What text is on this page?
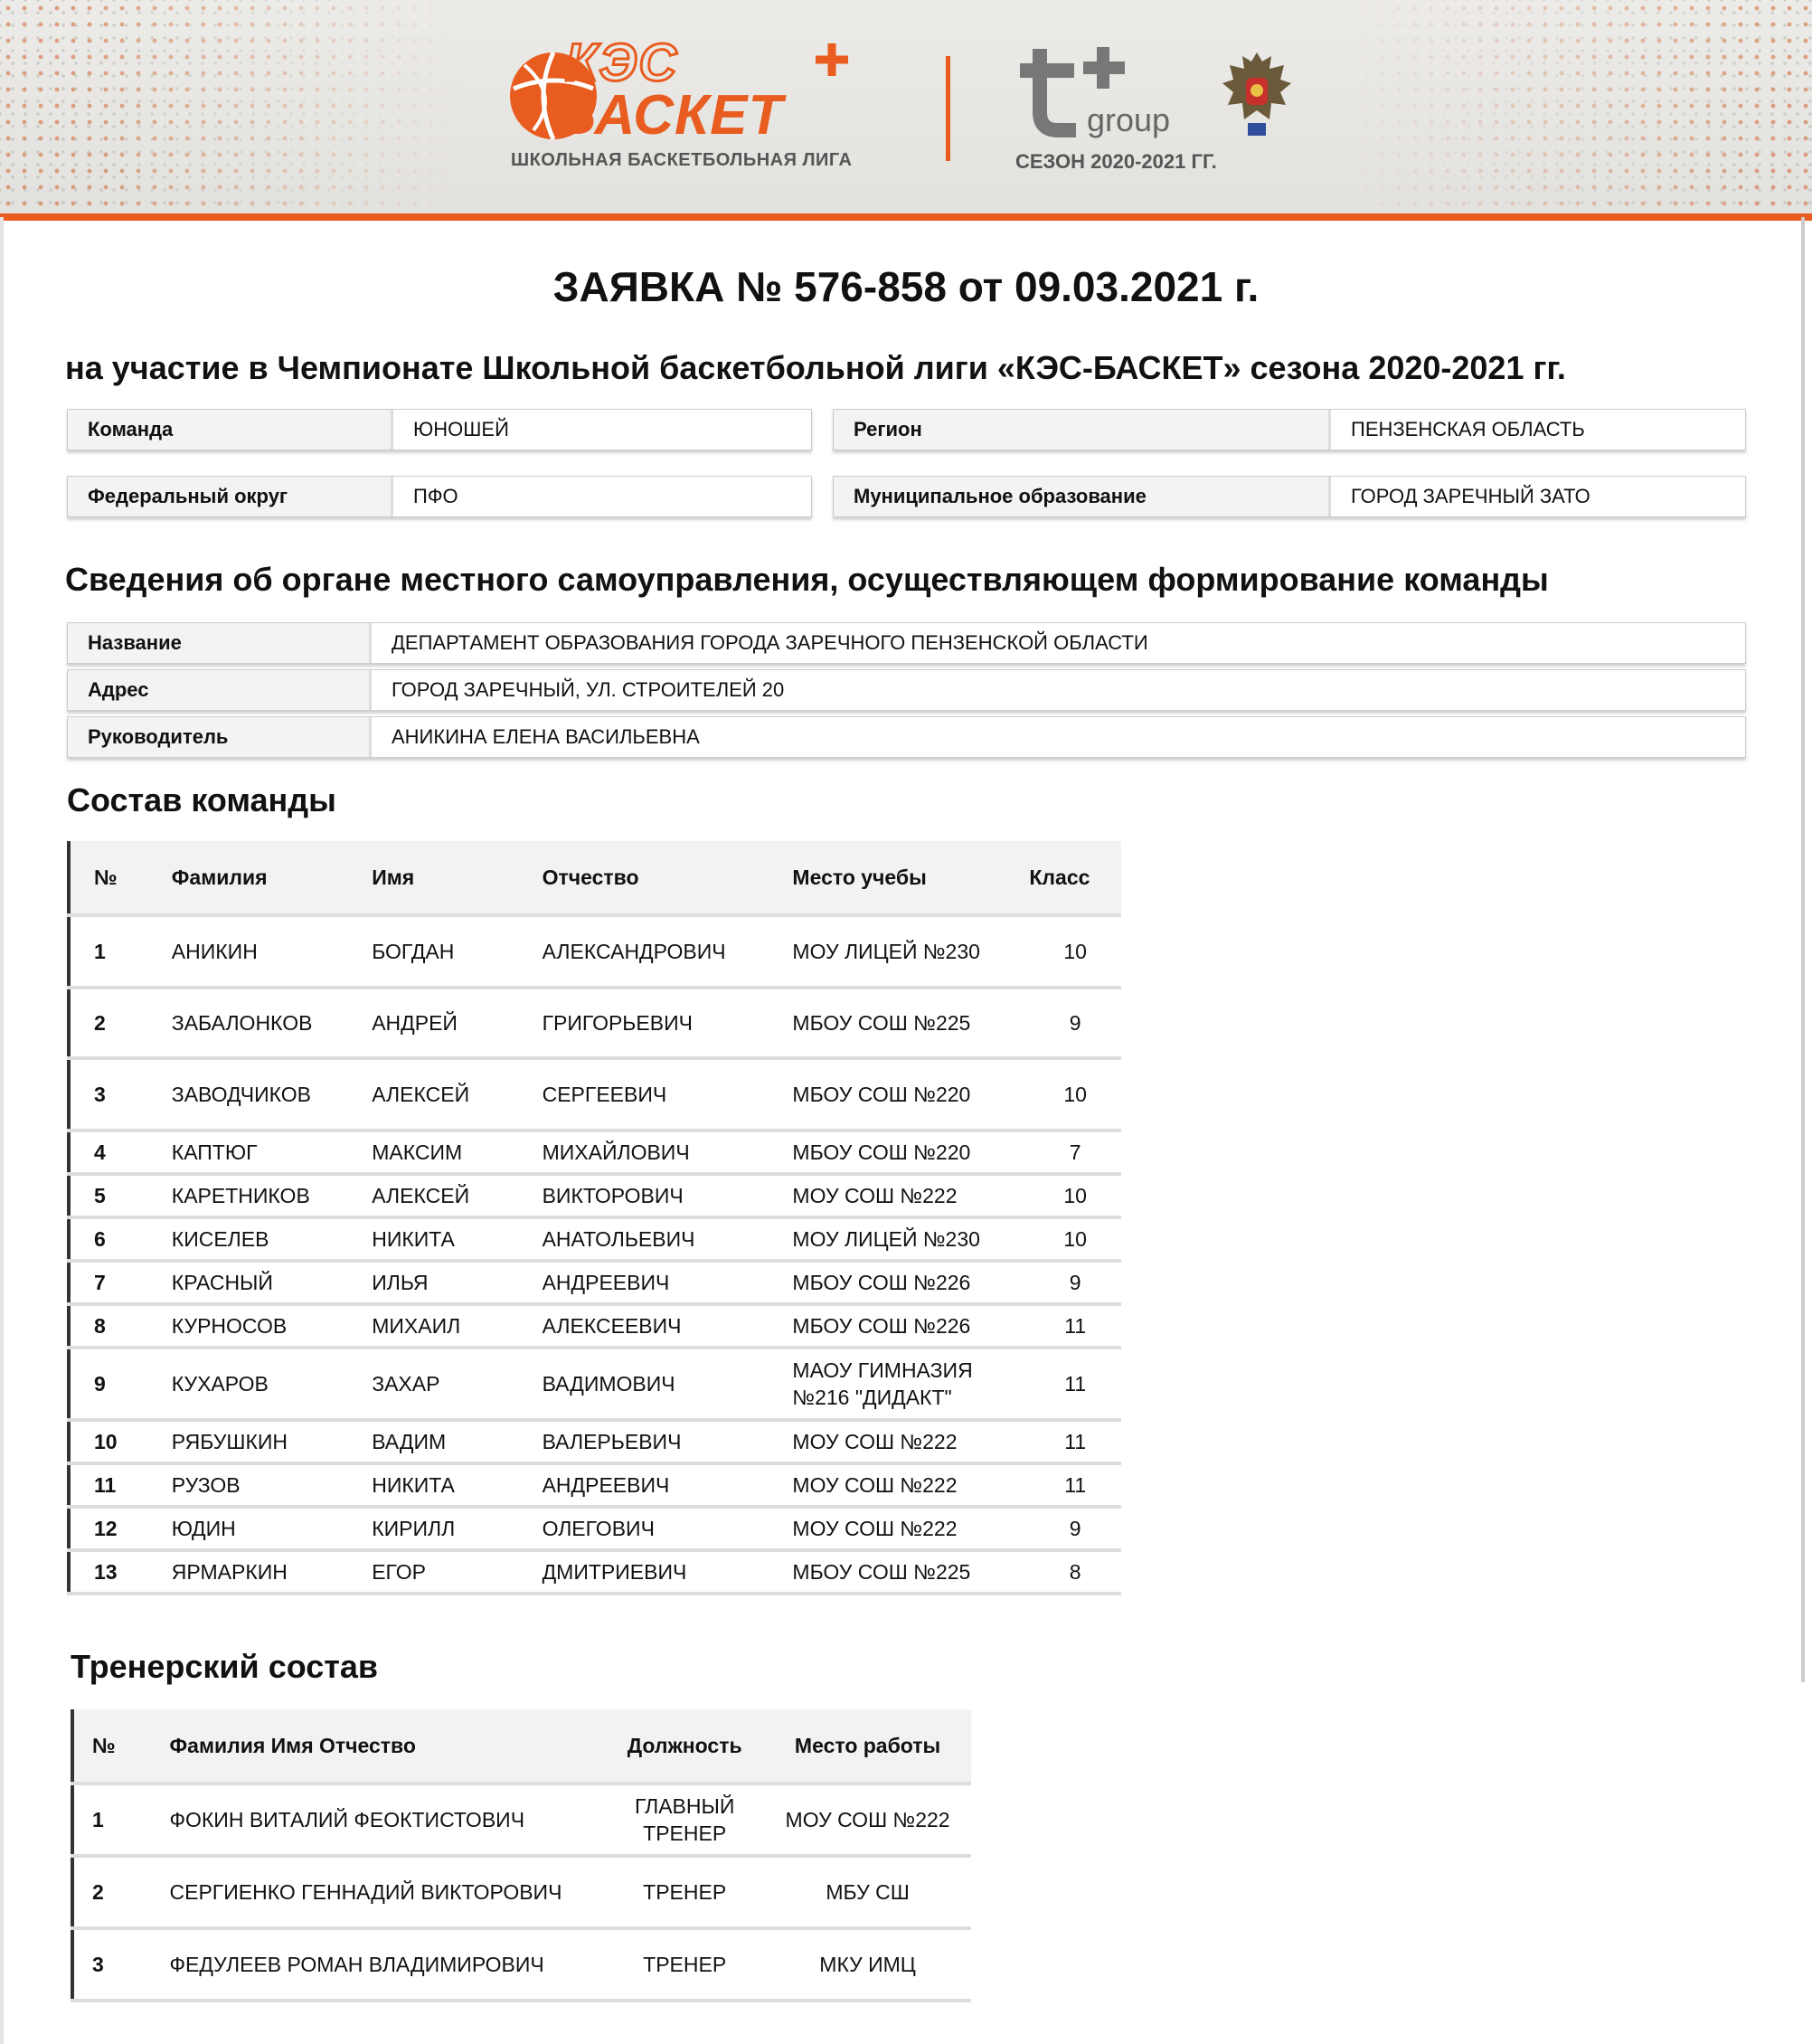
КЭС
БАСКЕТ
ШКОЛЬНАЯ БАСКЕТБОЛЬНАЯ ЛИГА
group
СЕЗОН 2020-2021 ГГ.
ЗАЯВКА № 576-858 от 09.03.2021 г.
на участие в Чемпионате Школьной баскетбольной лиги «КЭС-БАСКЕТ» сезона 2020-2021 гг.
Команда	ЮНОШЕЙ	Регион	ПЕНЗЕНСКАЯ ОБЛАСТЬ
Федеральный округ	ПФО	Муниципальное образование	ГОРОД ЗАРЕЧНЫЙ ЗАТО
Сведения об органе местного самоуправления, осуществляющем формирование команды
Название	ДЕПАРТАМЕНТ ОБРАЗОВАНИЯ ГОРОДА ЗАРЕЧНОГО ПЕНЗЕНСКОЙ ОБЛАСТИ
Адрес	ГОРОД ЗАРЕЧНЫЙ, УЛ. СТРОИТЕЛЕЙ 20
Руководитель	АНИКИНА ЕЛЕНА ВАСИЛЬЕВНА
Состав команды
№	Фамилия	Имя	Отчество	Место учебы	Класс
1	АНИКИН	БОГДАН	АЛЕКСАНДРОВИЧ	МОУ ЛИЦЕЙ №230	10
2	ЗАБАЛОНКОВ	АНДРЕЙ	ГРИГОРЬЕВИЧ	МБОУ СОШ №225	9
3	ЗАВОДЧИКОВ	АЛЕКСЕЙ	СЕРГЕЕВИЧ	МБОУ СОШ №220	10
4	КАПТЮГ	МАКСИМ	МИХАЙЛОВИЧ	МБОУ СОШ №220	7
5	КАРЕТНИКОВ	АЛЕКСЕЙ	ВИКТОРОВИЧ	МОУ СОШ №222	10
6	КИСЕЛЕВ	НИКИТА	АНАТОЛЬЕВИЧ	МОУ ЛИЦЕЙ №230	10
7	КРАСНЫЙ	ИЛЬЯ	АНДРЕЕВИЧ	МБОУ СОШ №226	9
8	КУРНОСОВ	МИХАИЛ	АЛЕКСЕЕВИЧ	МБОУ СОШ №226	11
9	КУХАРОВ	ЗАХАР	ВАДИМОВИЧ	МАОУ ГИМНАЗИЯ №216 "ДИДАКТ"	11
10	РЯБУШКИН	ВАДИМ	ВАЛЕРЬЕВИЧ	МОУ СОШ №222	11
11	РУЗОВ	НИКИТА	АНДРЕЕВИЧ	МОУ СОШ №222	11
12	ЮДИН	КИРИЛЛ	ОЛЕГОВИЧ	МОУ СОШ №222	9
13	ЯРМАРКИН	ЕГОР	ДМИТРИЕВИЧ	МБОУ СОШ №225	8
Тренерский состав
№	Фамилия Имя Отчество	Должность	Место работы
1	ФОКИН ВИТАЛИЙ ФЕОКТИСТОВИЧ	ГЛАВНЫЙ ТРЕНЕР	МОУ СОШ №222
2	СЕРГИЕНКО ГЕННАДИЙ ВИКТОРОВИЧ	ТРЕНЕР	МБУ СШ
3	ФЕДУЛЕЕВ РОМАН ВЛАДИМИРОВИЧ	ТРЕНЕР	МКУ ИМЦ
